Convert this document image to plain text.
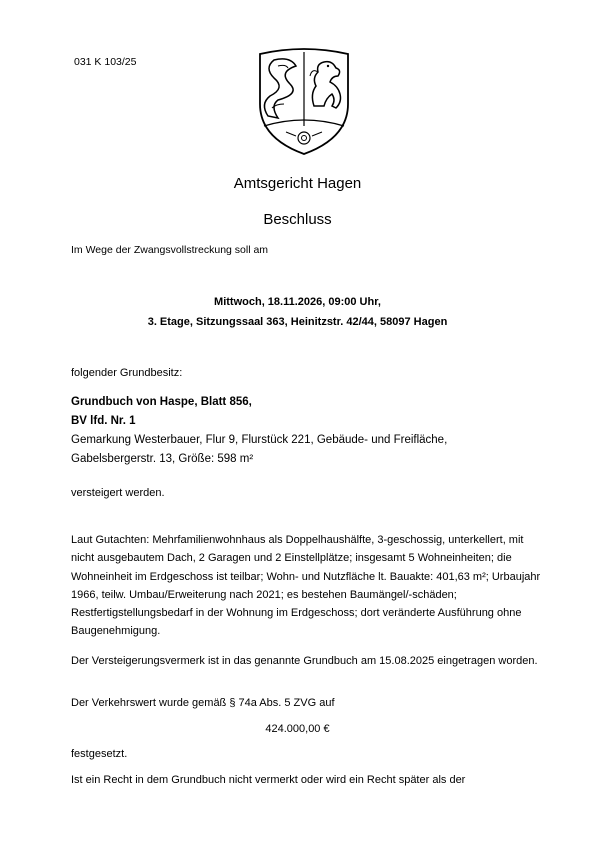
031 K 103/25
Amtsgericht Hagen
Beschluss
Im Wege der Zwangsvollstreckung soll am
Mittwoch, 18.11.2026, 09:00 Uhr,
3. Etage, Sitzungssaal 363, Heinitzstr. 42/44, 58097 Hagen
folgender Grundbesitz:

Grundbuch von Haspe, Blatt 856,

BV lfd. Nr. 1

Gemarkung Westerbauer, Flur 9, Flurstück 221, Gebäude- und Freifläche,

Gabelsbergerstr. 13, Größe: 598 m²

versteigert werden.
Laut Gutachten: Mehrfamilienwohnhaus als Doppelhaushälfte, 3-geschossig, unterkellert, mit nicht ausgebautem Dach, 2 Garagen und 2 Einstellplätze; insgesamt 5 Wohneinheiten; die Wohneinheit im Erdgeschoss ist teilbar; Wohn- und Nutzfläche lt. Bauakte: 401,63 m²; Urbaujahr 1966, teilw. Umbau/Erweiterung nach 2021; es bestehen Baumängel/-schäden; Restfertigstellungsbedarf in der Wohnung im Erdgeschoss; dort veränderte Ausführung ohne Baugenehmigung.
Der Versteigerungsvermerk ist in das genannte Grundbuch am 15.08.2025 eingetragen worden.
Der Verkehrswert wurde gemäß § 74a Abs. 5 ZVG auf
424.000,00 €
festgesetzt.
Ist ein Recht in dem Grundbuch nicht vermerkt oder wird ein Recht später als der
